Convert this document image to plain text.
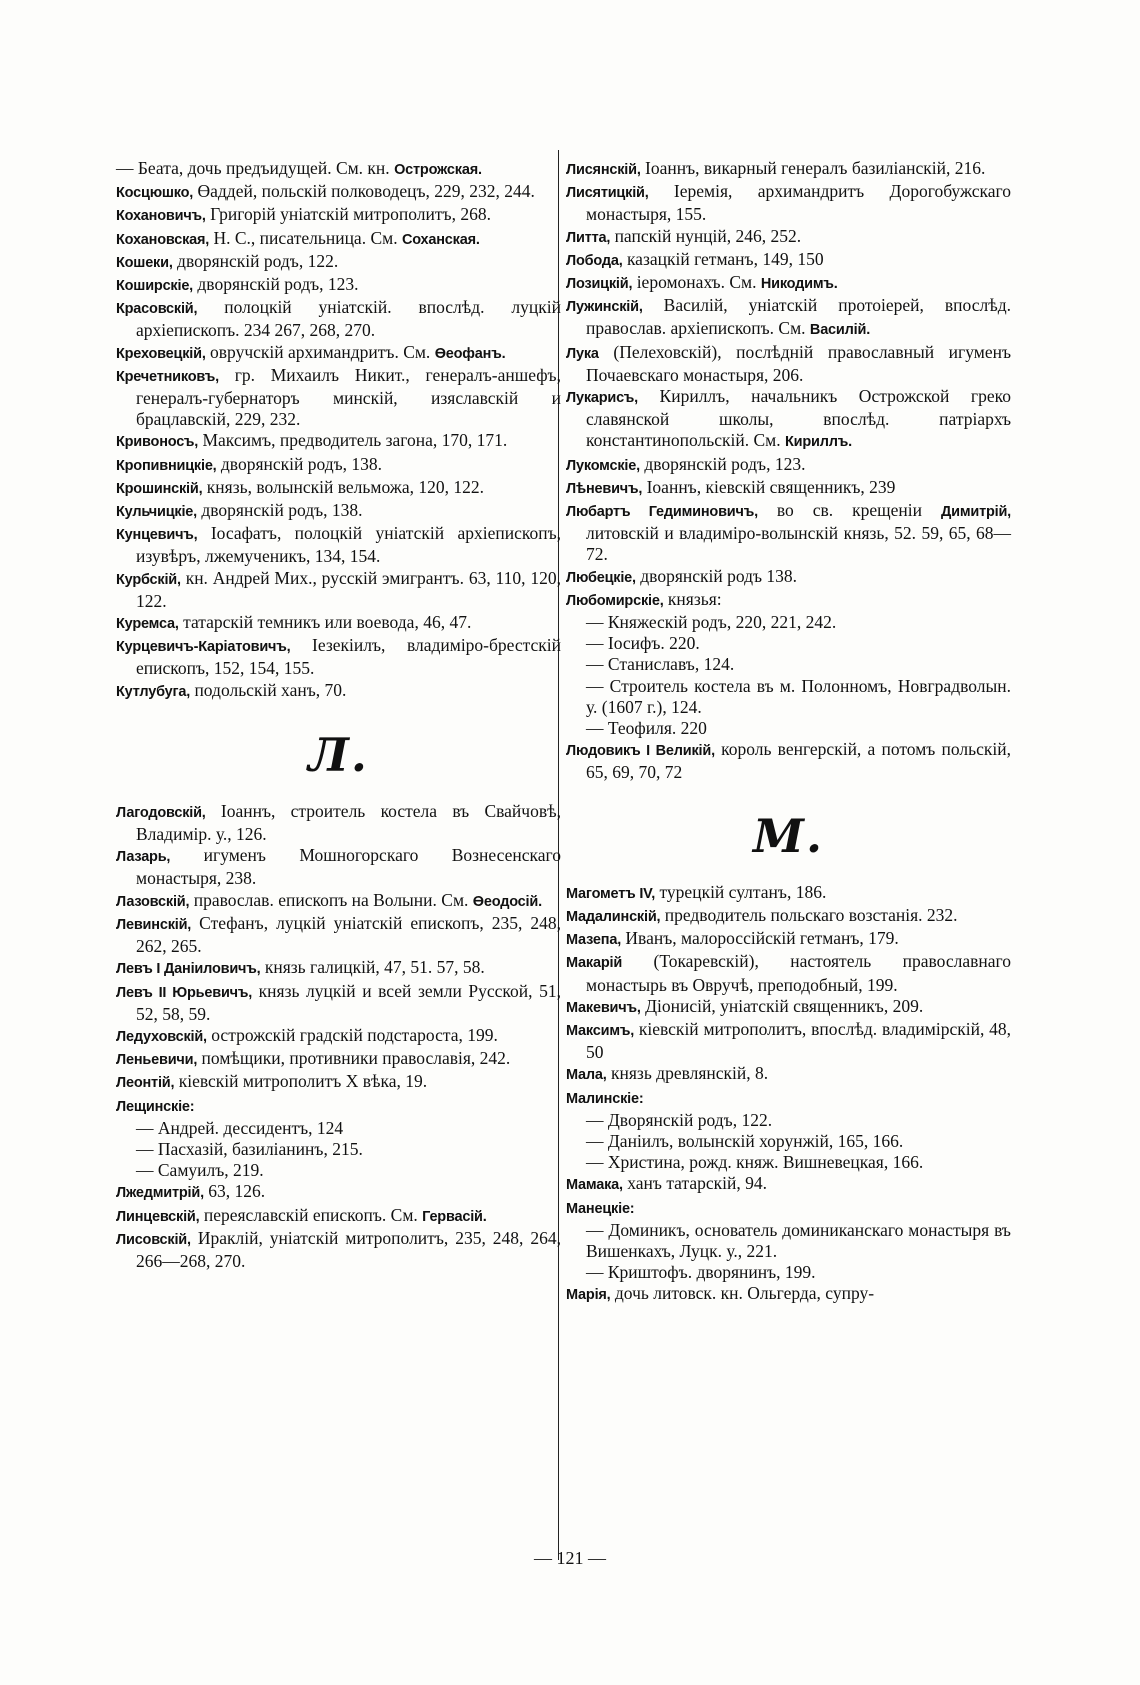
— Беата, дочь предъидущей. См. кн. Острожская.
Косцюшко, Өаддей, польскій полководецъ, 229, 232, 244.
Кохановичъ, Григорій уніатскій митрополитъ, 268.
Кохановская, Н. С., писательница. См. Соханская.
Кошеки, дворянскій родъ, 122.
Коширскіе, дворянскій родъ, 123.
Красовскій, полоцкій уніатскій. впослѣд. луцкій архіепископъ. 234 267, 268, 270.
Креховецкій, овручскій архимандритъ. См. Өеофанъ.
Кречетниковъ, гр. Михаилъ Никит., генералъ-аншефъ, генералъ-губернаторъ минскій, изяславскій и брацлавскій, 229, 232.
Кривоносъ, Максимъ, предводитель загона, 170, 171.
Кропивницкіе, дворянскій родъ, 138.
Крошинскій, князь, волынскій вельможа, 120, 122.
Кульчицкіе, дворянскій родъ, 138.
Кунцевичъ, Іосафатъ, полоцкій уніатскій архіепископъ, изувѣръ, лжемученикъ, 134, 154.
Курбскій, кн. Андрей Мих., русскій эмигрантъ. 63, 110, 120, 122.
Куремса, татарскій темникъ или воевода, 46, 47.
Курцевичъ-Каріатовичъ, Іезекіилъ, владиміро-брестскій епископъ, 152, 154, 155.
Кутлубуга, подольскій ханъ, 70.
Л.
Лагодовскій, Іоаннъ, строитель костела въ Свайчовѣ, Владимір. у., 126.
Лазарь, игуменъ Мошногорскаго Вознесенскаго монастыря, 238.
Лазовскій, православ. епископъ на Волыни. См. Өеодосій.
Левинскій, Стефанъ, луцкій уніатскій епископъ, 235, 248, 262, 265.
Левъ I Даніиловичъ, князь галицкій, 47, 51. 57, 58.
Левъ II Юрьевичъ, князь луцкій и всей земли Русской, 51, 52, 58, 59.
Ледуховскій, острожскій градскій подстароста, 199.
Леньевичи, помѣщики, противники православія, 242.
Леонтій, кіевскій митрополитъ X вѣка, 19.
Лещинскіе:
— Андрей. дессидентъ, 124
— Пасхазій, базиліанинъ, 215.
— Самуилъ, 219.
Лжедмитрій, 63, 126.
Линцевскій, переяславскій епископъ. См. Гервасій.
Лисовскій, Ираклій, уніатскій митрополитъ, 235, 248, 264, 266—268, 270.
Лисянскій, Іоаннъ, викарный генералъ базиліанскій, 216.
Лисятицкій, Іеремія, архимандритъ Дорогобужскаго монастыря, 155.
Литта, папскій нунцій, 246, 252.
Лобода, казацкій гетманъ, 149, 150
Лозицкій, іеромонахъ. См. Никодимъ.
Лужинскій, Василій, уніатскій протоіерей, впослѣд. православ. архіепископъ. См. Василій.
Лука (Пелеховскій), послѣдній православный игуменъ Почаевскаго монастыря, 206.
Лукарисъ, Кириллъ, начальникъ Острожской греко славянской школы, впослѣд. патріархъ константинопольскій. См. Кириллъ.
Лукомскіе, дворянскій родъ, 123.
Лѣневичъ, Іоаннъ, кіевскій священникъ, 239
Любартъ Гедиминовичъ, во св. крещеніи Димитрій, литовскій и владиміро-волынскій князь, 52. 59, 65, 68—72.
Любецкіе, дворянскій родъ 138.
Любомирскіе, князья:
— Княжескій родъ, 220, 221, 242.
— Іосифъ. 220.
— Станиславъ, 124.
— Строитель костела въ м. Полонномъ, Новградволын. у. (1607 г.), 124.
— Теофиля. 220
Людовикъ I Великій, король венгерскій, а потомъ польскій, 65, 69, 70, 72
М.
Магометъ IV, турецкій султанъ, 186.
Мадалинскій, предводитель польскаго возстанія. 232.
Мазепа, Иванъ, малороссійскій гетманъ, 179.
Макарій (Токаревскій), настоятель православнаго монастырь въ Овручѣ, преподобный, 199.
Макевичъ, Діонисій, уніатскій священникъ, 209.
Максимъ, кіевскій митрополитъ, впослѣд. владимірскій, 48, 50
Мала, князь древлянскій, 8.
Малинскіе:
— Дворянскій родъ, 122.
— Даніилъ, волынскій хорунжій, 165, 166.
— Христина, рожд. княж. Вишневецкая, 166.
Мамака, ханъ татарскій, 94.
Манецкіе:
— Доминикъ, основатель доминиканскаго монастыря въ Вишенкахъ, Луцк. у., 221.
— Криштофъ. дворянинъ, 199.
Марія, дочь литовск. кн. Ольгерда, супру-
— 121 —
